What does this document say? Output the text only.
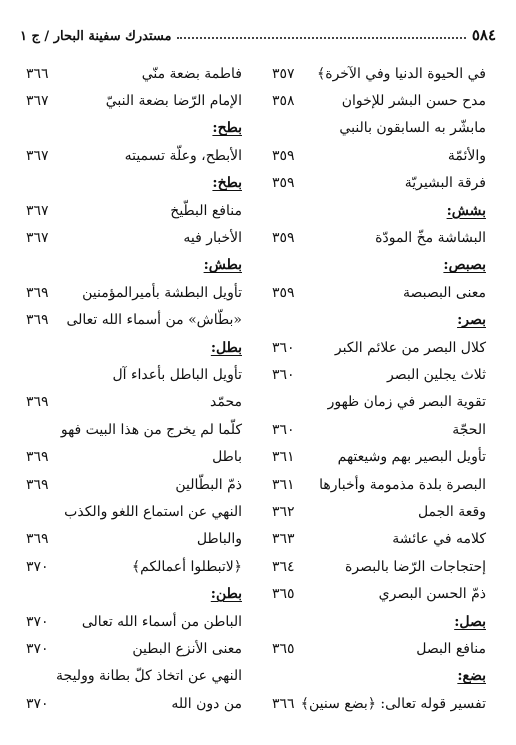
٥٨٤
مستدرك سفينة البحار / ج ١
في الحيوة الدنيا وفي الآخرة﴾
٣٥٧
مدح حسن البشر للإخوان
٣٥٨
مابشّر به السابقون بالنبي
والأئمّة
٣٥٩
فرقة البشيريّة
٣٥٩
بشش:
البشاشة مخّ المودّة
٣٥٩
بصبص:
معنى البصبصة
٣٥٩
بصر:
كلال البصر من علائم الكبر
٣٦٠
ثلاث يجلين البصر
٣٦٠
تقوية البصر في زمان ظهور
الحجّة
٣٦٠
تأويل البصير بهم وشيعتهم
٣٦١
البصرة بلدة مذمومة وأخبارها
٣٦١
وقعة الجمل
٣٦٢
كلامه في عائشة
٣٦٣
إحتجاجات الرّضا بالبصرة
٣٦٤
ذمّ الحسن البصري
٣٦٥
بصل:
منافع البصل
٣٦٥
بضع:
تفسير قوله تعالى: ﴿بضع سنين﴾
٣٦٦
فاطمة بضعة منّي
٣٦٦
الإمام الرّضا بضعة النبيّ
٣٦٧
بطح:
الأبطح، وعلّة تسميته
٣٦٧
بطخ:
منافع البطّيخ
٣٦٧
الأخبار فيه
٣٦٧
بطش:
تأويل البطشة بأميرالمؤمنين
٣٦٩
«بطّاش» من أسماء الله تعالى
٣٦٩
بطل:
تأويل الباطل بأعداء آل
محمّد
٣٦٩
كلّما لم يخرج من هذا البيت فهو
باطل
٣٦٩
ذمّ البطّالين
٣٦٩
النهي عن استماع اللغو والكذب
والباطل
٣٦٩
﴿لاتبطلوا أعمالكم﴾
٣٧٠
بطن:
الباطن من أسماء الله تعالى
٣٧٠
معنى الأنزع البطين
٣٧٠
النهي عن اتخاذ كلّ بطانة ووليجة
من دون الله
٣٧٠
